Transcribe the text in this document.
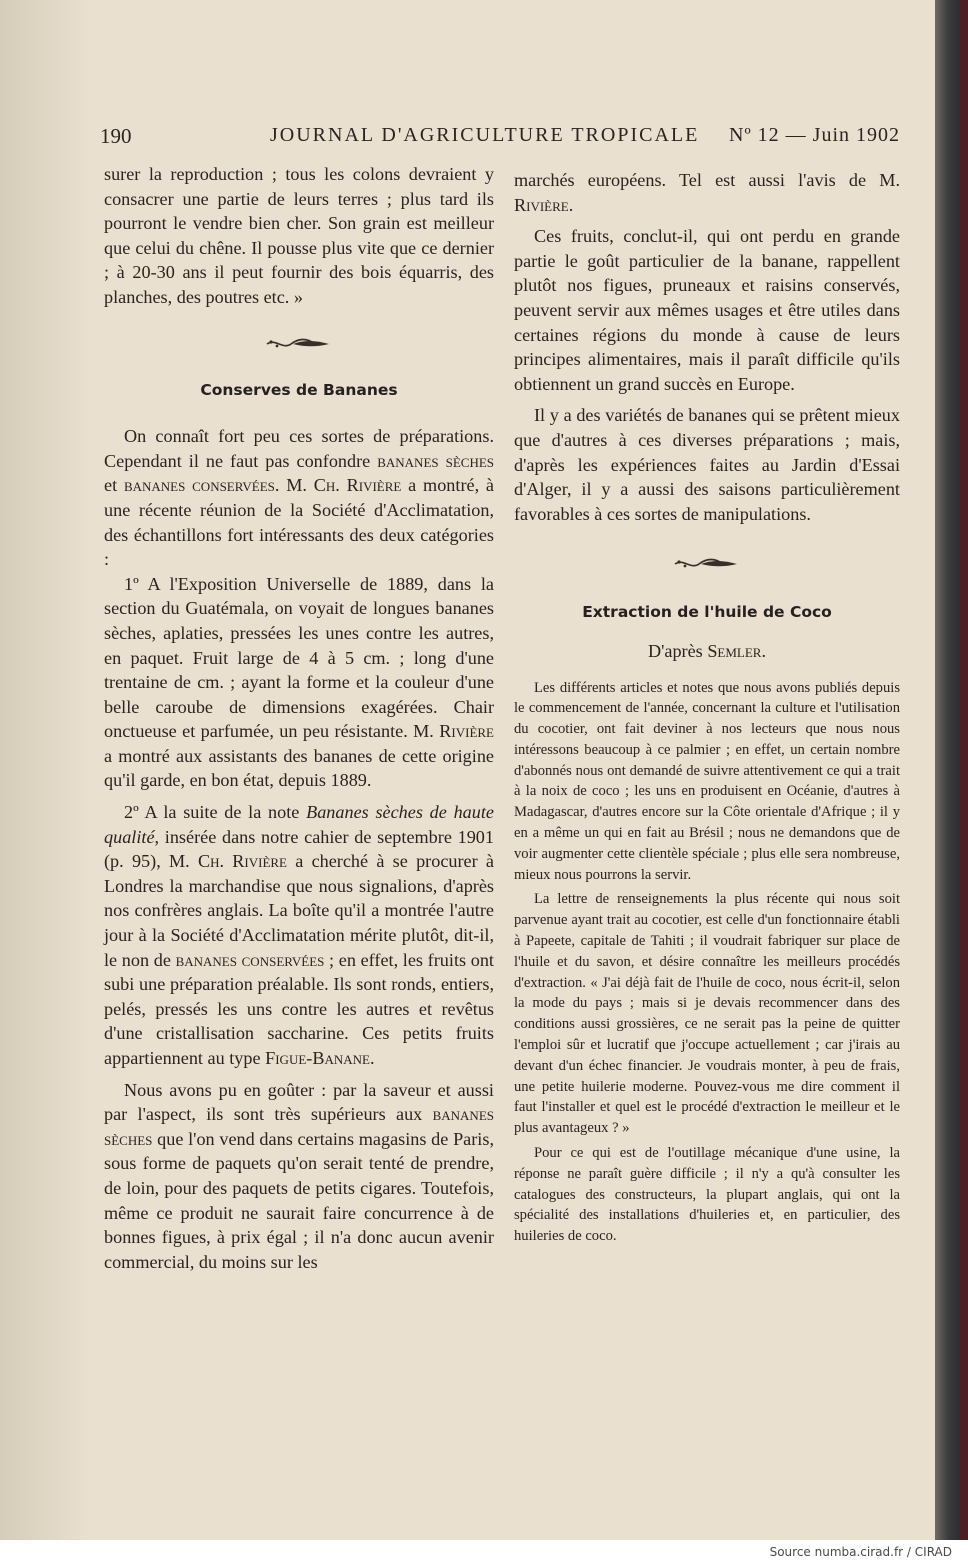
190	JOURNAL D'AGRICULTURE TROPICALE Nº 12 — Juin 1902

surer la reproduction ; tous les colons devraient y consacrer une partie de leurs terres ; plus tard ils pourront le vendre bien cher. Son grain est meilleur que celui du chêne. Il pousse plus vite que ce dernier ; à 20-30 ans il peut fournir des bois équarris, des planches, des poutres etc. »

Conserves de Bananes

On connaît fort peu ces sortes de préparations. Cependant il ne faut pas confondre bananes sèches et bananes conservées. M. Ch. Rivière a montré, à une récente réunion de la Société d'Acclimatation, des échantillons fort intéressants des deux catégories :

1º A l'Exposition Universelle de 1889, dans la section du Guatémala, on voyait de longues bananes sèches, aplaties, pressées les unes contre les autres, en paquet. Fruit large de 4 à 5 cm. ; long d'une trentaine de cm. ; ayant la forme et la couleur d'une belle caroube de dimensions exagérées. Chair onctueuse et parfumée, un peu résistante. M. Rivière a montré aux assistants des bananes de cette origine qu'il garde, en bon état, depuis 1889.

2º A la suite de la note Bananes sèches de haute qualité, insérée dans notre cahier de septembre 1901 (p. 95), M. Ch. Rivière a cherché à se procurer à Londres la marchandise que nous signalions, d'après nos confrères anglais. La boîte qu'il a montrée l'autre jour à la Société d'Acclimatation mérite plutôt, dit-il, le non de bananes conservées ; en effet, les fruits ont subi une préparation préalable. Ils sont ronds, entiers, pelés, pressés les uns contre les autres et revêtus d'une cristallisation saccharine. Ces petits fruits appartiennent au type Figue-Banane.

Nous avons pu en goûter : par la saveur et aussi par l'aspect, ils sont très supérieurs aux bananes sèches que l'on vend dans certains magasins de Paris, sous forme de paquets qu'on serait tenté de prendre, de loin, pour des paquets de petits cigares. Toutefois, même ce produit ne saurait faire concurrence à de bonnes figues, à prix égal ; il n'a donc aucun avenir commercial, du moins sur les

marchés européens. Tel est aussi l'avis de M. Rivière.

Ces fruits, conclut-il, qui ont perdu en grande partie le goût particulier de la banane, rappellent plutôt nos figues, pruneaux et raisins conservés, peuvent servir aux mêmes usages et être utiles dans certaines régions du monde à cause de leurs principes alimentaires, mais il paraît difficile qu'ils obtiennent un grand succès en Europe.

Il y a des variétés de bananes qui se prêtent mieux que d'autres à ces diverses préparations ; mais, d'après les expériences faites au Jardin d'Essai d'Alger, il y a aussi des saisons particulièrement favorables à ces sortes de manipulations.

Extraction de l'huile de Coco

D'après Semler.

Les différents articles et notes que nous avons publiés depuis le commencement de l'année, concernant la culture et l'utilisation du cocotier, ont fait deviner à nos lecteurs que nous nous intéressons beaucoup à ce palmier ; en effet, un certain nombre d'abonnés nous ont demandé de suivre attentivement ce qui a trait à la noix de coco ; les uns en produisent en Océanie, d'autres à Madagascar, d'autres encore sur la Côte orientale d'Afrique ; il y en a même un qui en fait au Brésil ; nous ne demandons que de voir augmenter cette clientèle spéciale ; plus elle sera nombreuse, mieux nous pourrons la servir.

La lettre de renseignements la plus récente qui nous soit parvenue ayant trait au cocotier, est celle d'un fonctionnaire établi à Papeete, capitale de Tahiti ; il voudrait fabriquer sur place de l'huile et du savon, et désire connaître les meilleurs procédés d'extraction. « J'ai déjà fait de l'huile de coco, nous écrit-il, selon la mode du pays ; mais si je devais recommencer dans des conditions aussi grossières, ce ne serait pas la peine de quitter l'emploi sûr et lucratif que j'occupe actuellement ; car j'irais au devant d'un échec financier. Je voudrais monter, à peu de frais, une petite huilerie moderne. Pouvez-vous me dire comment il faut l'installer et quel est le procédé d'extraction le meilleur et le plus avantageux ? »

Pour ce qui est de l'outillage mécanique d'une usine, la réponse ne paraît guère difficile ; il n'y a qu'à consulter les catalogues des constructeurs, la plupart anglais, qui ont la spécialité des installations d'huileries et, en particulier, des huileries de coco.

Source numba.cirad.fr / CIRAD
